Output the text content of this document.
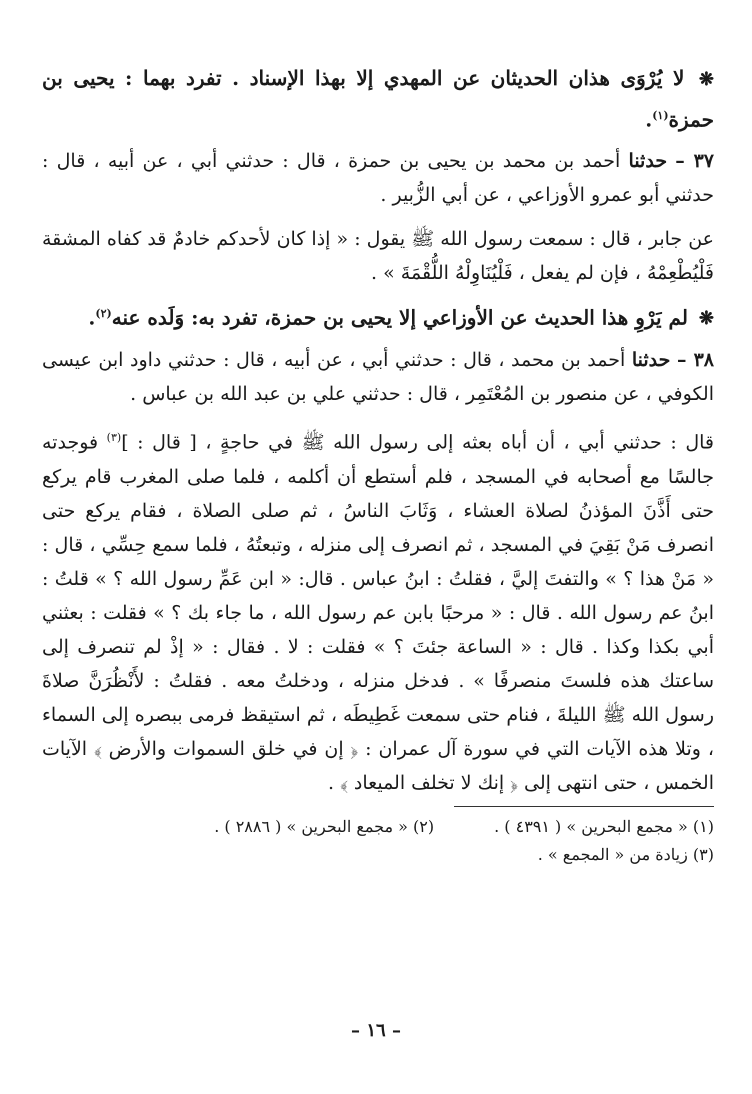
❋ لا يُرْوَى هذان الحديثان عن المهدي إلا بهذا الإسناد . تفرد بهما : يحيى بن حمزة$^{(١)}$.

٣٧ – حدثنا أحمد بن محمد بن يحيى بن حمزة ، قال : حدثني أبي ، عن أبيه ، قال : حدثني أبو عمرو الأوزاعي ، عن أبي الزُّبير .

عن جابر ، قال : سمعت رسول الله ﷺ يقول : « إذا كان لأحدكم خادمٌ قد كفاه المشقة فَلْيُطْعِمْهُ ، فإن لم يفعل ، فَلْيُنَاوِلْهُ اللُّقْمَةَ » .

❋ لم يَرْوِ هذا الحديث عن الأوزاعي إلا يحيى بن حمزة، تفرد به: وَلَده عنه$^{(٢)}$.

٣٨ – حدثنا أحمد بن محمد ، قال : حدثني أبي ، عن أبيه ، قال : حدثني داود ابن عيسى الكوفي ، عن منصور بن المُعْتَمِر ، قال : حدثني علي بن عبد الله بن عباس .

قال : حدثني أبي ، أن أباه بعثه إلى رسول الله ﷺ في حاجةٍ ، [ قال : ]$^{(٣)}$ فوجدته جالسًا مع أصحابه في المسجد ، فلم أستطع أن أكلمه ، فلما صلى المغرب قام يركع حتى أَذَّنَ المؤذنُ لصلاة العشاء ، وَثَابَ الناسُ ، ثم صلى الصلاة ، فقام يركع حتى انصرف مَنْ بَقِيَ في المسجد ، ثم انصرف إلى منزله ، وتبعتُهُ ، فلما سمع حِسِّي ، قال : « مَنْ هذا ؟ » والتفتَ إليَّ ، فقلتُ : ابنُ عباس . قال: « ابن عَمِّ رسول الله ؟ » قلتُ : ابنُ عم رسول الله . قال : « مرحبًا بابن عم رسول الله ، ما جاء بك ؟ » فقلت : بعثني أبي بكذا وكذا . قال : « الساعة جئتَ ؟ » فقلت : لا . فقال : « إذْ لم تنصرف إلى ساعتك هذه فلستَ منصرفًا » . فدخل منزله ، ودخلتُ معه . فقلتُ : لأَنْظُرَنَّ صلاةَ رسول الله ﷺ الليلةَ ، فنام حتى سمعت غَطِيطَه ، ثم استيقظ فرمى ببصره إلى السماء ، وتلا هذه الآيات التي في سورة آل عمران : ﴿ إن في خلق السموات والأرض ﴾ الآيات الخمس ، حتى انتهى إلى ﴿ إنك لا تخلف الميعاد ﴾ .

(١) « مجمع البحرين » ( ٤٣٩١ ) .
(٢) « مجمع البحرين » ( ٢٨٨٦ ) .
(٣) زيادة من « المجمع » .
– ١٦ –
